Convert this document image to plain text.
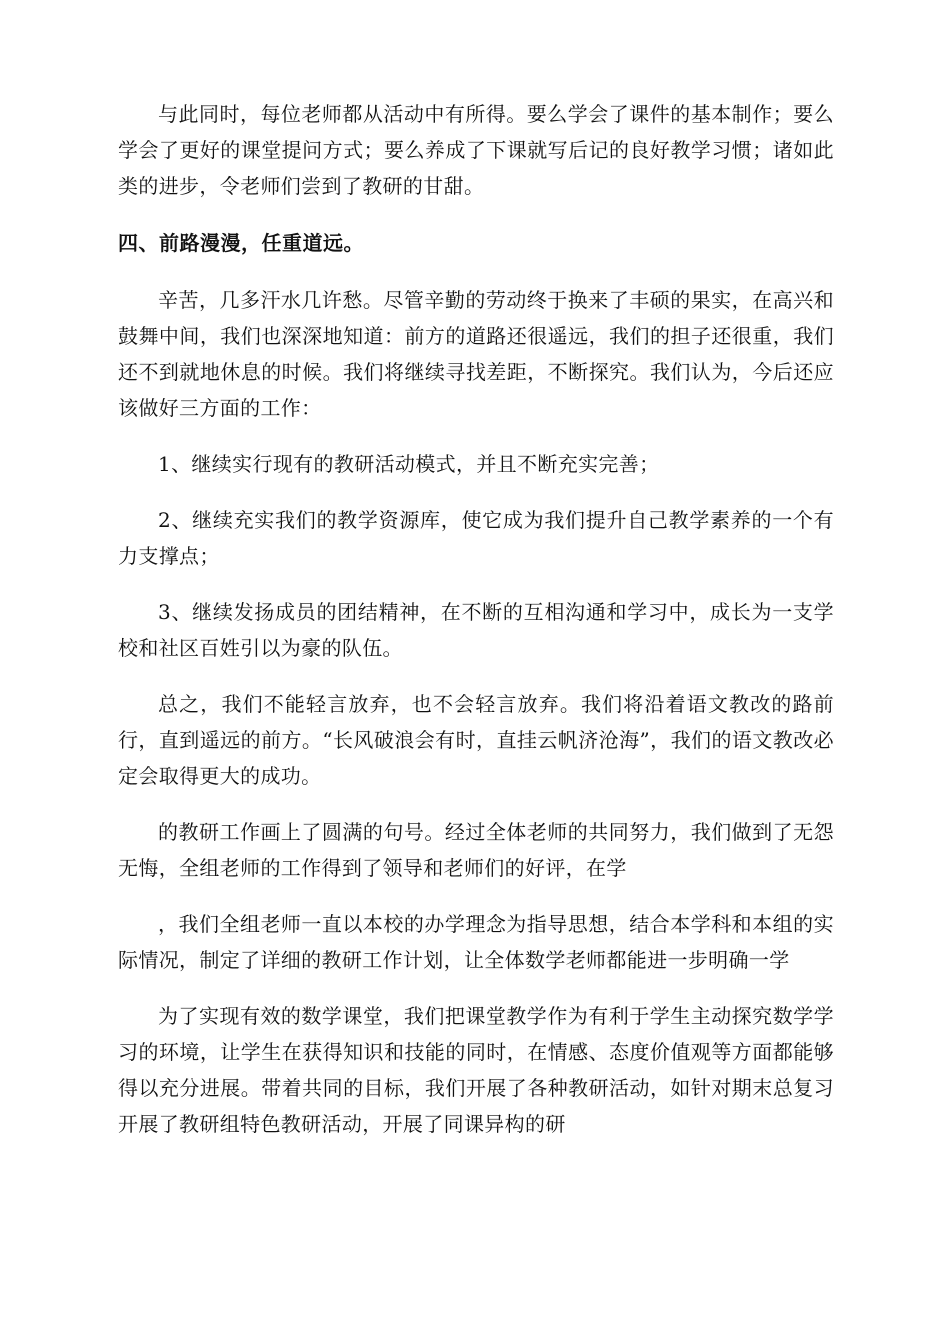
与此同时，每位老师都从活动中有所得。要么学会了课件的基本制作；要么学会了更好的课堂提问方式；要么养成了下课就写后记的良好教学习惯；诸如此类的进步，令老师们尝到了教研的甘甜。

四、前路漫漫，任重道远。

辛苦，几多汗水几许愁。尽管辛勤的劳动终于换来了丰硕的果实，在高兴和鼓舞中间，我们也深深地知道：前方的道路还很遥远，我们的担子还很重，我们还不到就地休息的时候。我们将继续寻找差距，不断探究。我们认为，今后还应该做好三方面的工作：

1、继续实行现有的教研活动模式，并且不断充实完善；

2、继续充实我们的教学资源库，使它成为我们提升自己教学素养的一个有力支撑点；

3、继续发扬成员的团结精神，在不断的互相沟通和学习中，成长为一支学校和社区百姓引以为豪的队伍。

总之，我们不能轻言放弃，也不会轻言放弃。我们将沿着语文教改的路前行，直到遥远的前方。“长风破浪会有时，直挂云帆济沧海”，我们的语文教改必定会取得更大的成功。

的教研工作画上了圆满的句号。经过全体老师的共同努力，我们做到了无怨无悔，全组老师的工作得到了领导和老师们的好评，在学

，我们全组老师一直以本校的办学理念为指导思想，结合本学科和本组的实际情况，制定了详细的教研工作计划，让全体数学老师都能进一步明确一学

为了实现有效的数学课堂，我们把课堂教学作为有利于学生主动探究数学学习的环境，让学生在获得知识和技能的同时，在情感、态度价值观等方面都能够得以充分进展。带着共同的目标，我们开展了各种教研活动，如针对期末总复习开展了教研组特色教研活动，开展了同课异构的研
